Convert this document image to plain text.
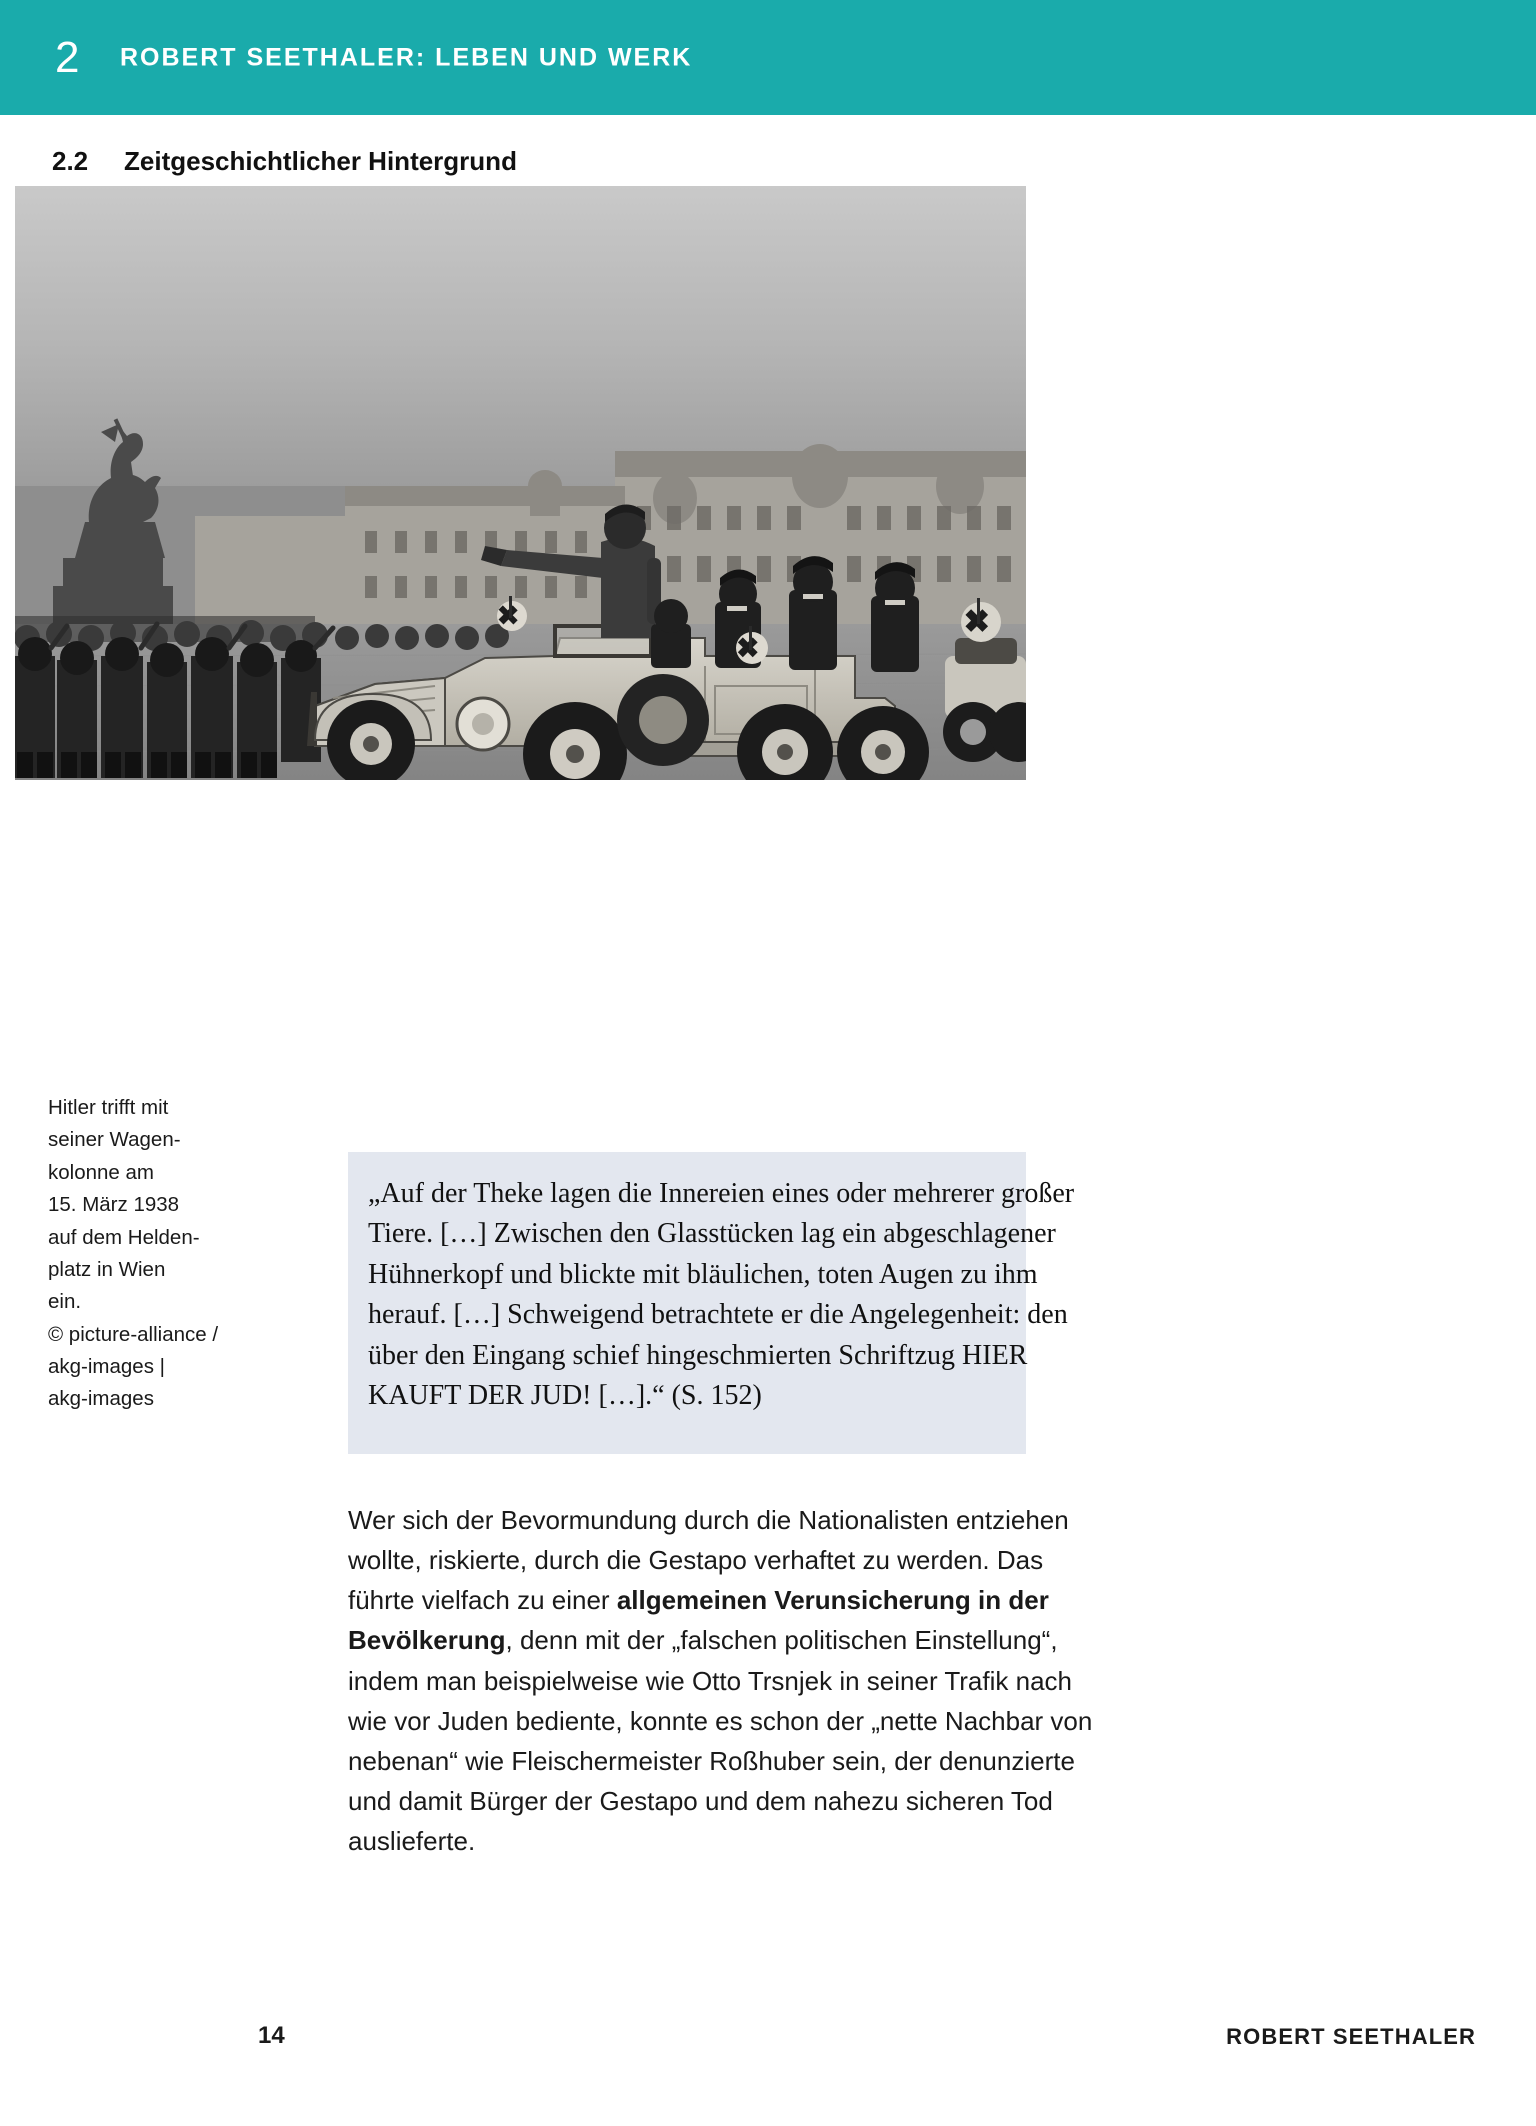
2 ROBERT SEETHALER: LEBEN UND WERK
2.2 Zeitgeschichtlicher Hintergrund
Hitler trifft mit
seiner Wagen-
kolonne am
15. März 1938
auf dem Helden-
platz in Wien
ein.
© picture-alliance /
akg-images |
akg-images
„Auf der Theke lagen die Innereien eines oder mehrerer großer
Tiere. […] Zwischen den Glasstücken lag ein abgeschlagener
Hühnerkopf und blickte mit bläulichen, toten Augen zu ihm
herauf. […] Schweigend betrachtete er die Angelegenheit: den
über den Eingang schief hingeschmierten Schriftzug HIER
KAUFT DER JUD! […].“ (S. 152)
Wer sich der Bevormundung durch die Nationalisten entziehen
wollte, riskierte, durch die Gestapo verhaftet zu werden. Das
führte vielfach zu einer allgemeinen Verunsicherung in der
Bevölkerung, denn mit der „falschen politischen Einstellung“,
indem man beispielweise wie Otto Trsnjek in seiner Trafik nach
wie vor Juden bediente, konnte es schon der „nette Nachbar von
nebenan“ wie Fleischermeister Roßhuber sein, der denunzierte
und damit Bürger der Gestapo und dem nahezu sicheren Tod
auslieferte.
14	ROBERT SEETHALER
